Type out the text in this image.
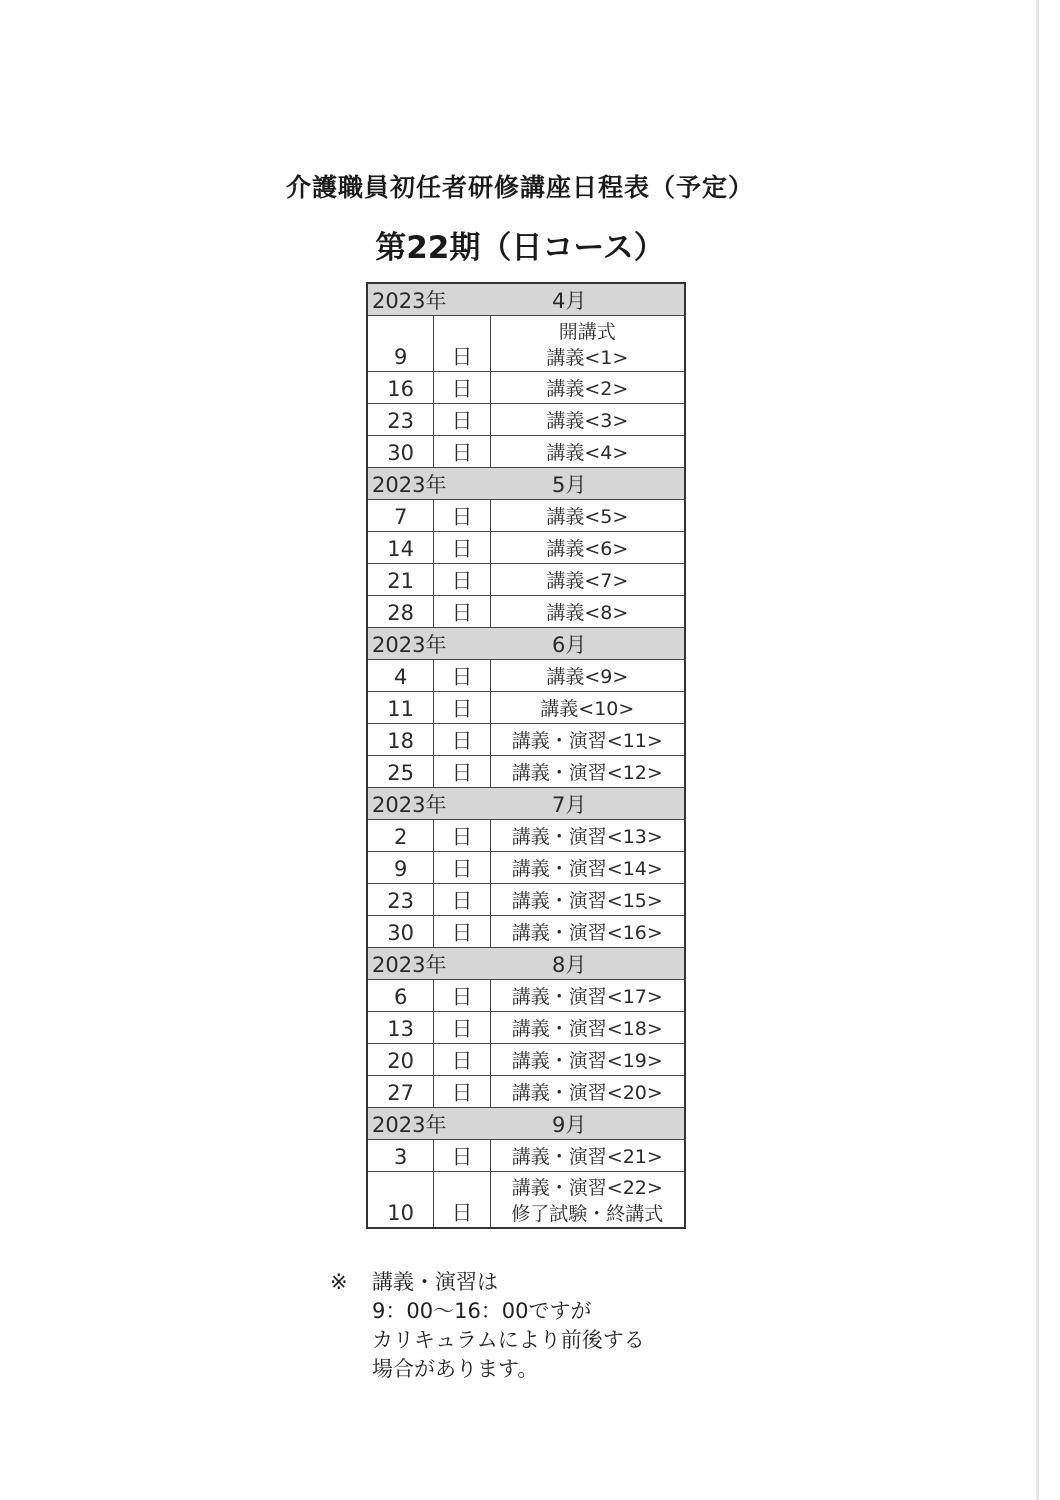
介護職員初任者研修講座日程表（予定）
第22期（日コース）
2023年 4月		
9	日	開講式
講義<1>

16	日	講義<2>

23	日	講義<3>

30	日	講義<4>

2023年 5月		
7	日	講義<5>

14	日	講義<6>

21	日	講義<7>

28	日	講義<8>

2023年 6月		
4	日	講義<9>

11	日	講義<10>

18	日	講義・演習<11>

25	日	講義・演習<12>

2023年 7月		
2	日	講義・演習<13>

9	日	講義・演習<14>

23	日	講義・演習<15>

30	日	講義・演習<16>

2023年 8月		
6	日	講義・演習<17>

13	日	講義・演習<18>

20	日	講義・演習<19>

27	日	講義・演習<20>

2023年 9月		
3	日	講義・演習<21>

10	日	講義・演習<22>
修了試験・終講式
※	講義・演習は
9：00〜16：00ですが
カリキュラムにより前後する
場合があります。
